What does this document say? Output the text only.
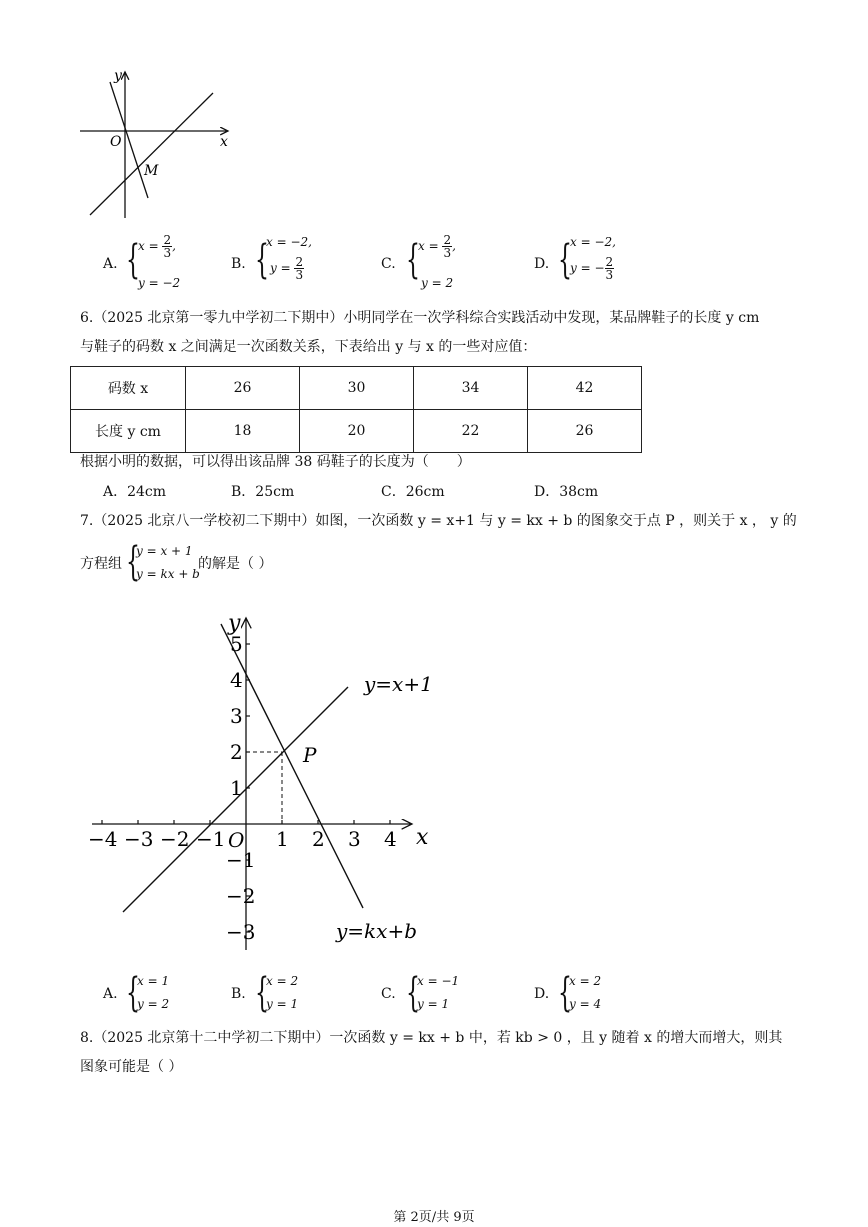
y
x
O
M
A. {
$x = \frac{2}{3}$ ,
y = −2
B. {
x = −2,
$y = \frac{2}{3}$	C. {
$x = \frac{2}{3}$ ,
y = 2
D. {
x = −2,
y = − $\frac{2}{3}$
6.（2025 北京第一零九中学初二下期中）小明同学在一次学科综合实践活动中发现，某品牌鞋子的长度 y cm
与鞋子的码数 x 之间满足一次函数关系，下表给出 y 与 x 的一些对应值：
码数 x	26	30	34	42
长度 y cm	18	20	22	26
根据小明的数据，可以得出该品牌 38 码鞋子的长度为（　　）
A．24cm	B．25cm	C．26cm	D．38cm
7.（2025 北京八一学校初二下期中）如图，一次函数 y = x+1 与 y = kx + b 的图象交于点 P ，则关于 x ， y 的
方程组 {
y = x + 1
y = kx + b
的解是（ ）
−4 −3 −2 −1	1 2 3 4
5
4
3
2
1
−1
−2
−3
y
x
O
P
y=x+1
y=kx+b
A. {
x = 1
y = 2
B. {
x = 2
y = 1
C. {
x = −1
y = 1
D. {
x = 2
y = 4
8.（2025 北京第十二中学初二下期中）一次函数 y = kx + b 中，若 kb > 0 ，且 y 随着 x 的增大而增大，则其
图象可能是（ ）
第 2页/共 9页
